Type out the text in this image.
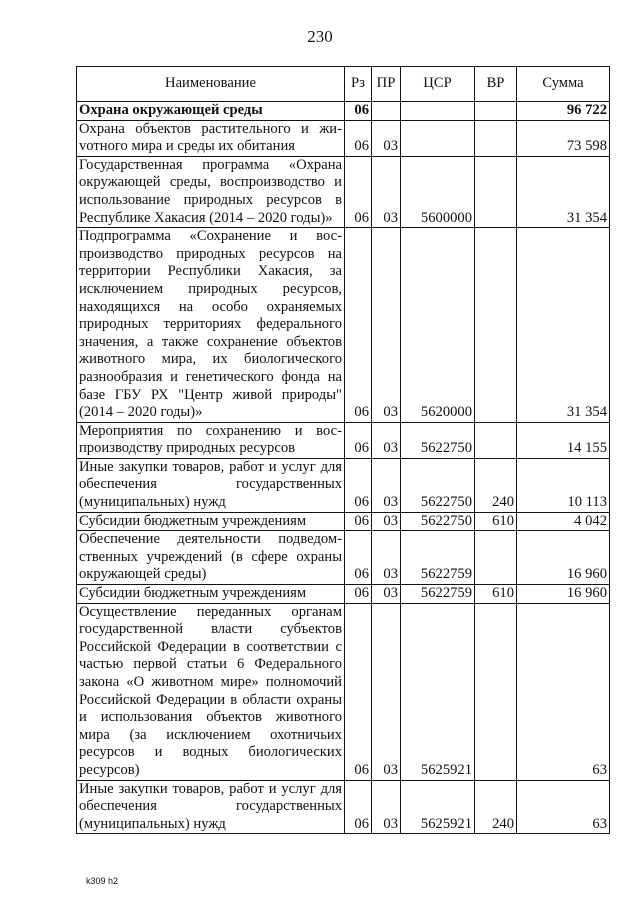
230
Наименование	Рз	ПР	ЦСР	ВР	Сумма
Охрана окружающей среды	06				96 722
Охрана объектов растительного и жиvотного мира и среды их обитания	06	03			73 598
Государственная программа «Охрана окружающей среды, воспроизводство и использование природных ресурсов в Республике Хакасия (2014 – 2020 годы)»	06	03	5600000		31 354
Подпрограмма «Сохранение и воспроизводство природных ресурсов на территории Республики Хакасия, за исключением природных ресурсов, находящихся на особо охраняемых природных территориях федерального значения, а также сохранение объектов животного мира, их биологического разнообразия и генетического фонда на базе ГБУ РХ "Центр живой природы" (2014 – 2020 годы)»	06	03	5620000		31 354
Мероприятия по сохранению и воспроизводству природных ресурсов	06	03	5622750		14 155
Иные закупки товаров, работ и услуг для обеспечения государственных (муниципальных) нужд	06	03	5622750	240	10 113
Субсидии бюджетным учреждениям	06	03	5622750	610	4 042
Обеспечение деятельности подведомственных учреждений (в сфере охраны окружающей среды)	06	03	5622759		16 960
Субсидии бюджетным учреждениям	06	03	5622759	610	16 960
Осуществление переданных органам государственной власти субъектов Российской Федерации в соответствии с частью первой статьи 6 Федерального закона «О животном мире» полномочий Российской Федерации в области охраны и использования объектов животного мира (за исключением охотничьих ресурсов и водных биологических ресурсов)	06	03	5625921		63
Иные закупки товаров, работ и услуг для обеспечения государственных (муниципальных) нужд	06	03	5625921	240	63
k309 h2
